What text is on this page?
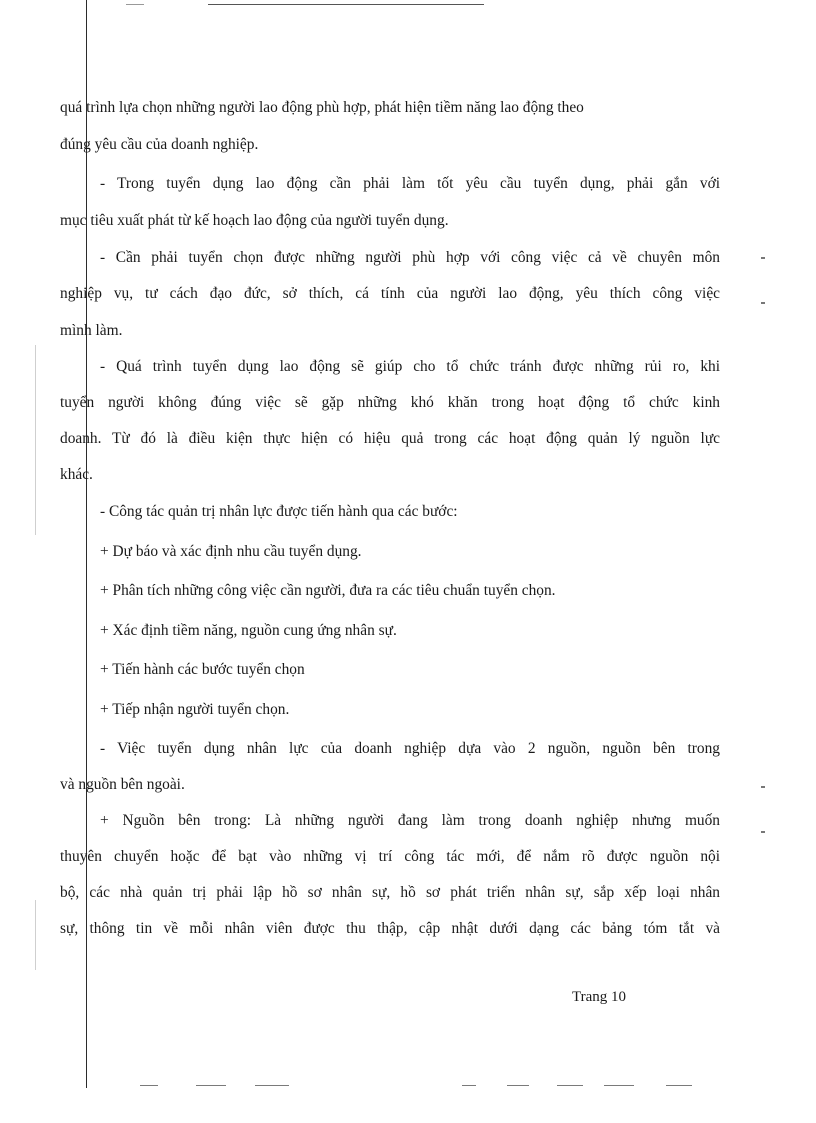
quá trình lựa chọn những người lao động phù hợp, phát hiện tiềm năng lao động theo
đúng yêu cầu của doanh nghiệp.
- Trong tuyển dụng lao động cần phải làm tốt yêu cầu tuyển dụng, phải gắn với
mục tiêu xuất phát từ kế hoạch lao động của người tuyển dụng.
- Cần phải tuyển chọn được những người phù hợp với công việc cả về chuyên môn
nghiệp vụ, tư cách đạo đức, sở thích, cá tính của người lao động, yêu thích công việc
mình làm.
- Quá trình tuyển dụng lao động sẽ giúp cho tổ chức tránh được những rủi ro, khi
tuyển người không đúng việc sẽ gặp những khó khăn trong hoạt động tổ chức kinh
doanh. Từ đó là điều kiện thực hiện có hiệu quả trong các hoạt động quản lý nguồn lực
khác.
- Công tác quản trị nhân lực được tiến hành qua các bước:
+ Dự báo và xác định nhu cầu tuyển dụng.
+ Phân tích những công việc cần người, đưa ra các tiêu chuẩn tuyển chọn.
+ Xác định tiềm năng, nguồn cung ứng nhân sự.
+ Tiến hành các bước tuyển chọn
+ Tiếp nhận người tuyển chọn.
- Việc tuyển dụng nhân lực của doanh nghiệp dựa vào 2 nguồn, nguồn bên trong
và nguồn bên ngoài.
+ Nguồn bên trong: Là những người đang làm trong doanh nghiệp nhưng muốn
thuyên chuyển hoặc để bạt vào những vị trí công tác mới, để nắm rõ được nguồn nội
bộ, các nhà quản trị phải lập hồ sơ nhân sự, hồ sơ phát triển nhân sự, sắp xếp loại nhân
sự, thông tin về mỗi nhân viên được thu thập, cập nhật dưới dạng các bảng tóm tắt và
Trang 10
